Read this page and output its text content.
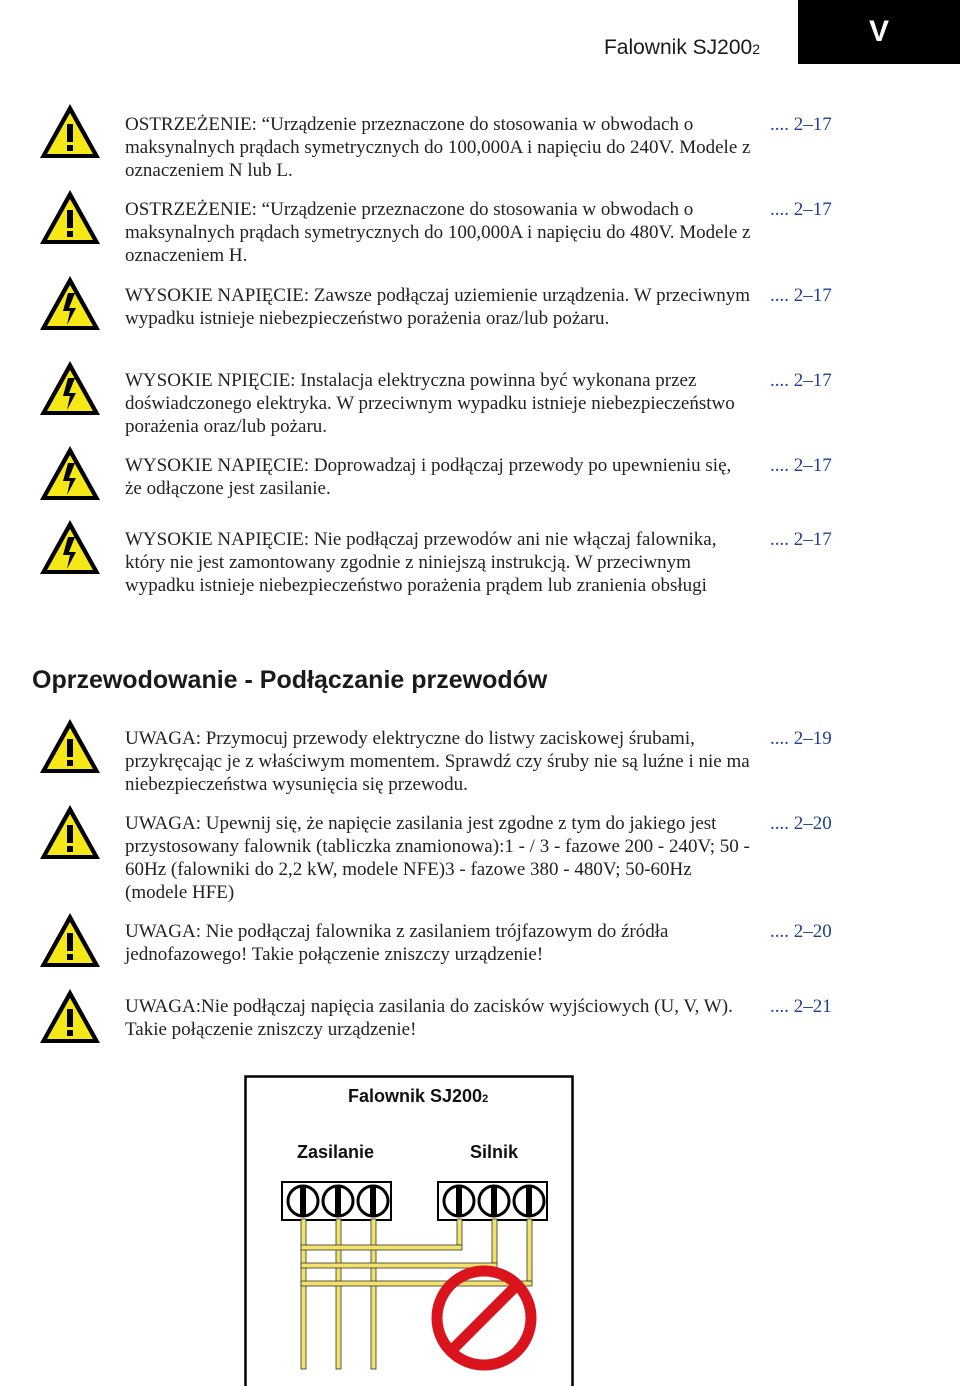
Falownik SJ2002
V
OSTRZEŻENIE: “Urządzenie przeznaczone do stosowania w obwodach o maksynalnych prądach symetrycznych do 100,000A i napięciu do 240V. Modele z oznaczeniem N lub L.
.... 2–17
OSTRZEŻENIE: “Urządzenie przeznaczone do stosowania w obwodach o maksynalnych prądach symetrycznych do 100,000A i napięciu do 480V. Modele z oznaczeniem H.
.... 2–17
WYSOKIE NAPIĘCIE: Zawsze podłączaj uziemienie urządzenia. W przeciwnym wypadku istnieje niebezpieczeństwo porażenia oraz/lub pożaru.
.... 2–17
WYSOKIE NPIĘCIE: Instalacja elektryczna powinna być wykonana przez doświadczonego elektryka. W przeciwnym wypadku istnieje niebezpieczeństwo porażenia oraz/lub pożaru.
.... 2–17
WYSOKIE NAPIĘCIE: Doprowadzaj i podłączaj przewody po upewnieniu się, że odłączone jest zasilanie.
.... 2–17
WYSOKIE NAPIĘCIE: Nie podłączaj przewodów ani nie włączaj falownika, który nie jest zamontowany zgodnie z niniejszą instrukcją. W przeciwnym wypadku istnieje niebezpieczeństwo porażenia prądem lub zranienia obsługi
.... 2–17
Oprzewodowanie - Podłączanie przewodów
UWAGA: Przymocuj przewody elektryczne do listwy zaciskowej śrubami, przykręcając je z właściwym momentem. Sprawdź czy śruby nie są luźne i nie ma niebezpieczeństwa wysunięcia się przewodu.
.... 2–19
UWAGA: Upewnij się, że napięcie zasilania jest zgodne z tym do jakiego jest przystosowany falownik (tabliczka znamionowa):1 - / 3 - fazowe 200 - 240V; 50 - 60Hz (falowniki do 2,2 kW, modele NFE)3 - fazowe 380 - 480V; 50-60Hz (modele HFE)
.... 2–20
UWAGA: Nie podłączaj falownika z zasilaniem trójfazowym do źródła jednofazowego! Takie połączenie zniszczy urządzenie!
.... 2–20
UWAGA:Nie podłączaj napięcia zasilania do zacisków wyjściowych (U, V, W). Takie połączenie zniszczy urządzenie!
.... 2–21
Falownik SJ2002
Zasilanie	Silnik
